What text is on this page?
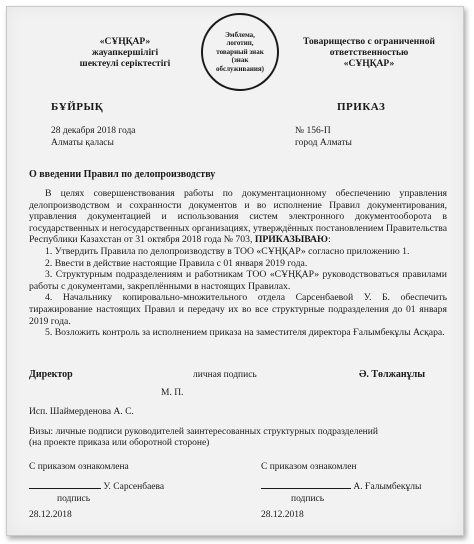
«СҰҢҚАР»
жауапкершілігі
шектеулі серіктестігі
Эмблема, логотип, товарный знак (знак обслуживания)
Товарищество с ограниченной
ответственностью
«СҰҢҚАР»
БҰЙРЫҚ	ПРИКАЗ
28 декабря 2018 года	№ 156-П
Алматы қаласы	город Алматы
О введении Правил по делопроизводству

В целях совершенствования работы по документационному обеспечению управления делопроизводством и сохранности документов и во исполнение Правил документирования, управления документацией и использования систем электронного документооборота в государственных и негосударственных организациях, утверждённых постановлением Правительства Республики Казахстан от 31 октября 2018 года № 703, ПРИКАЗЫВАЮ:

1. Утвердить Правила по делопроизводству в ТОО «СҰҢҚАР» согласно приложению 1.

2. Ввести в действие настоящие Правила с 01 января 2019 года.

3. Структурным подразделениям и работникам ТОО «СҰҢҚАР» руководствоваться правилами работы с документами, закреплёнными в настоящих Правилах.

4. Начальнику копировально-множительного отдела Сарсенбаевой У. Б. обеспечить тиражирование настоящих Правил и передачу их во все структурные подразделения до 01 января 2019 года.

5. Возложить контроль за исполнением приказа на заместителя директора Ғалымбекұлы Асқара.

Директор	личная подпись	Ә. Төлжанұлы
М. П.
Исп. Шаймерденова А. С.
Визы: личные подписи руководителей заинтересованных структурных подразделений
(на проекте приказа или оборотной стороне)
С приказом ознакомлена	С приказом ознакомлен
У. Сарсенбаева	А. Ғалымбекұлы
подпись	подпись
28.12.2018	28.12.2018
